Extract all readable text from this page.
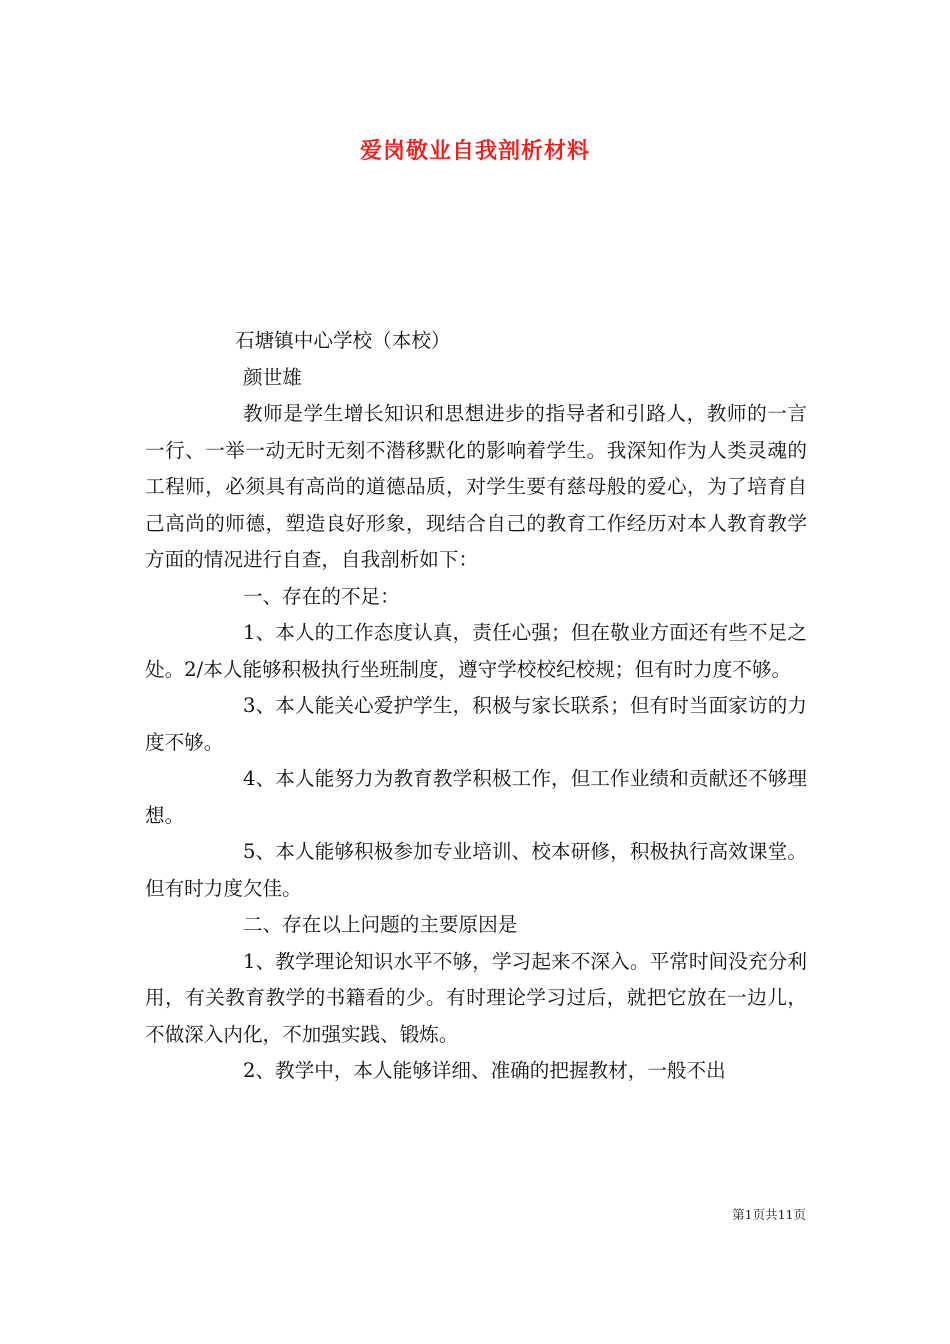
爱岗敬业自我剖析材料

石塘镇中心学校（本校）

颜世雄

教师是学生增长知识和思想进步的指导者和引路人，教师的一言一行、一举一动无时无刻不潜移默化的影响着学生。我深知作为人类灵魂的工程师，必须具有高尚的道德品质，对学生要有慈母般的爱心，为了培育自己高尚的师德，塑造良好形象，现结合自己的教育工作经历对本人教育教学方面的情况进行自查，自我剖析如下：

一、存在的不足：

1、本人的工作态度认真，责任心强；但在敬业方面还有些不足之处。2/本人能够积极执行坐班制度，遵守学校校纪校规；但有时力度不够。

3、本人能关心爱护学生，积极与家长联系；但有时当面家访的力度不够。

4、本人能努力为教育教学积极工作，但工作业绩和贡献还不够理想。

5、本人能够积极参加专业培训、校本研修，积极执行高效课堂。但有时力度欠佳。

二、存在以上问题的主要原因是

1、教学理论知识水平不够，学习起来不深入。平常时间没充分利用，有关教育教学的书籍看的少。有时理论学习过后，就把它放在一边儿，不做深入内化，不加强实践、锻炼。

2、教学中，本人能够详细、准确的把握教材，一般不出

第1页共11页
